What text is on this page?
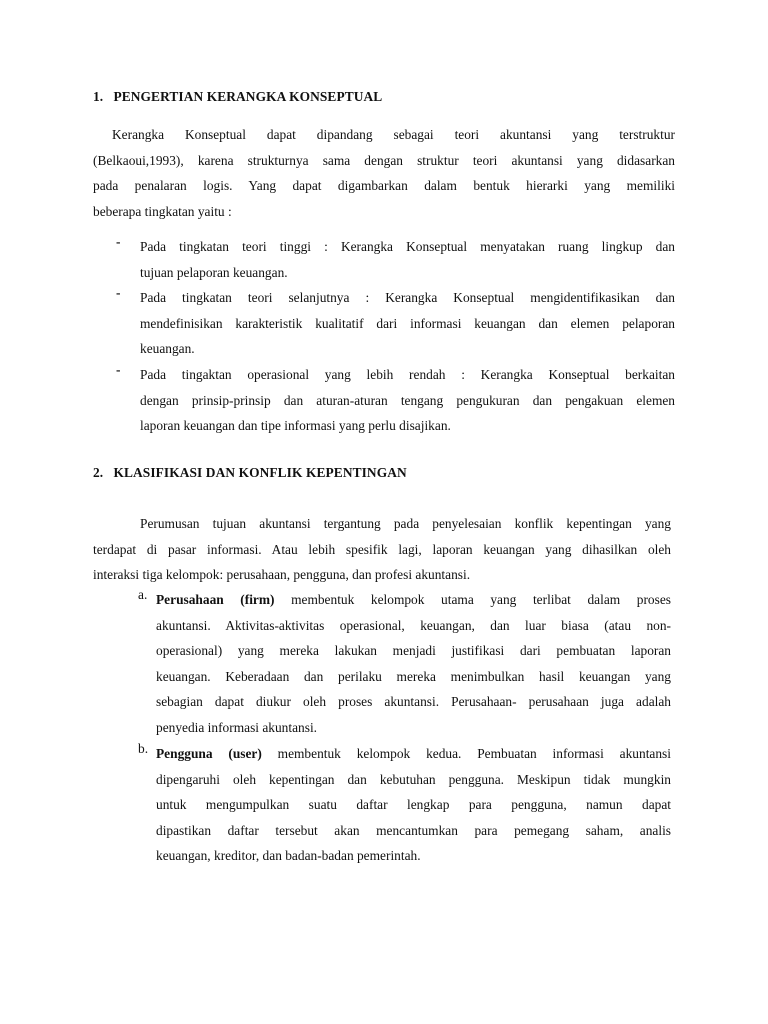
1. PENGERTIAN KERANGKA KONSEPTUAL
Kerangka Konseptual dapat dipandang sebagai teori akuntansi yang terstruktur
(Belkaoui,1993), karena strukturnya sama dengan struktur teori akuntansi yang didasarkan
pada penalaran logis. Yang dapat digambarkan dalam bentuk hierarki yang memiliki
beberapa tingkatan yaitu :
- Pada tingkatan teori tinggi : Kerangka Konseptual menyatakan ruang lingkup dan
tujuan pelaporan keuangan.
- Pada tingkatan teori selanjutnya : Kerangka Konseptual mengidentifikasikan dan
mendefinisikan karakteristik kualitatif dari informasi keuangan dan elemen pelaporan
keuangan.
- Pada tingaktan operasional yang lebih rendah : Kerangka Konseptual berkaitan
dengan prinsip-prinsip dan aturan-aturan tengang pengukuran dan pengakuan elemen
laporan keuangan dan tipe informasi yang perlu disajikan.
2. KLASIFIKASI DAN KONFLIK KEPENTINGAN
Perumusan tujuan akuntansi tergantung pada penyelesaian konflik kepentingan yang
terdapat di pasar informasi. Atau lebih spesifik lagi, laporan keuangan yang dihasilkan oleh
interaksi tiga kelompok: perusahaan, pengguna, dan profesi akuntansi.
a. Perusahaan (firm) membentuk kelompok utama yang terlibat dalam proses
akuntansi. Aktivitas-aktivitas operasional, keuangan, dan luar biasa (atau non-
operasional) yang mereka lakukan menjadi justifikasi dari pembuatan laporan
keuangan. Keberadaan dan perilaku mereka menimbulkan hasil keuangan yang
sebagian dapat diukur oleh proses akuntansi. Perusahaan- perusahaan juga adalah
penyedia informasi akuntansi.
b. Pengguna (user) membentuk kelompok kedua. Pembuatan informasi akuntansi
dipengaruhi oleh kepentingan dan kebutuhan pengguna. Meskipun tidak mungkin
untuk mengumpulkan suatu daftar lengkap para pengguna, namun dapat
dipastikan daftar tersebut akan mencantumkan para pemegang saham, analis
keuangan, kreditor, dan badan-badan pemerintah.
